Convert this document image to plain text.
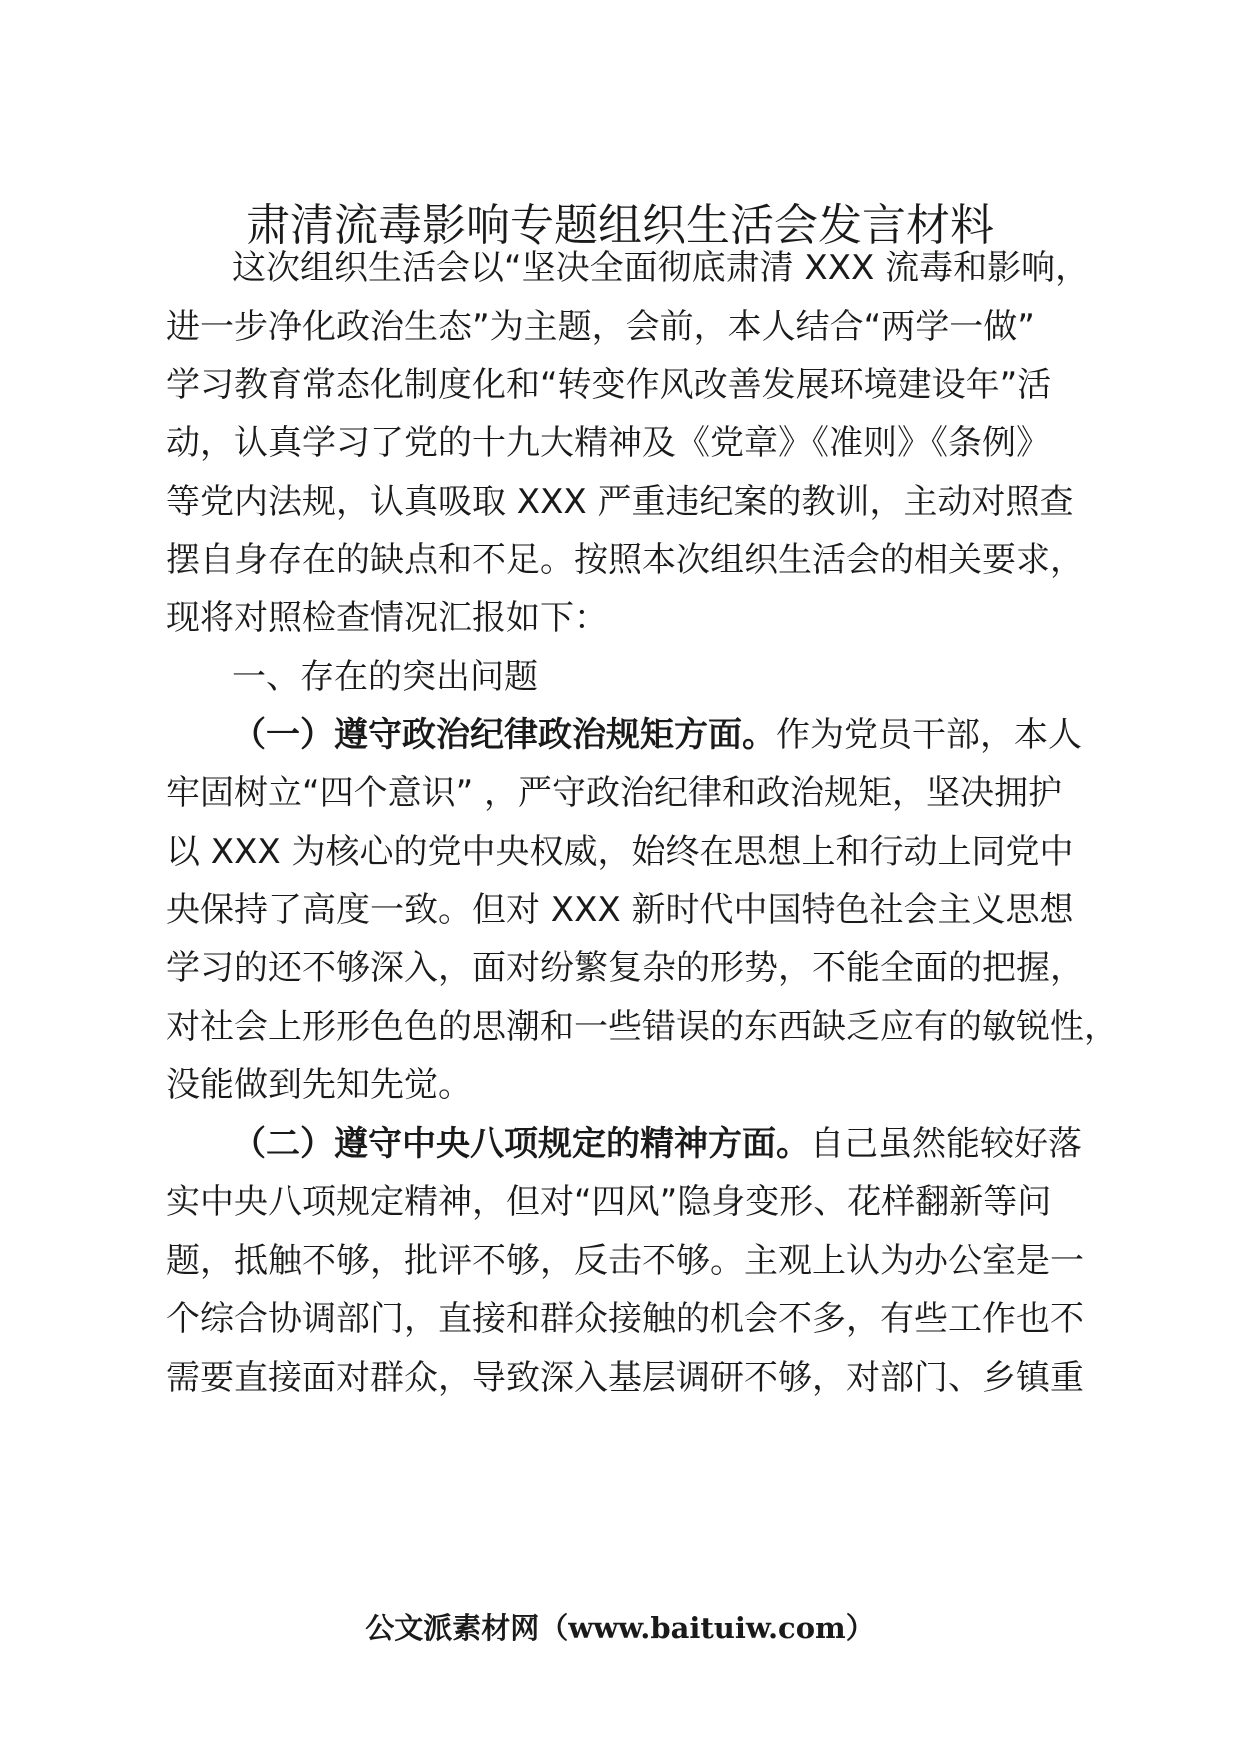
肃清流毒影响专题组织生活会发言材料

这次组织生活会以“坚决全面彻底肃清 XXX 流毒和影响，

进一步净化政治生态”为主题，会前，本人结合“两学一做”

学习教育常态化制度化和“转变作风改善发展环境建设年”活

动，认真学习了党的十九大精神及《党章》《准则》《条例》

等党内法规，认真吸取 XXX 严重违纪案的教训，主动对照查

摆自身存在的缺点和不足。按照本次组织生活会的相关要求，

现将对照检查情况汇报如下：

一、存在的突出问题

（一）遵守政治纪律政治规矩方面。作为党员干部，本人

牢固树立“四个意识” ，严守政治纪律和政治规矩，坚决拥护

以 XXX 为核心的党中央权威，始终在思想上和行动上同党中

央保持了高度一致。但对 XXX 新时代中国特色社会主义思想

学习的还不够深入，面对纷繁复杂的形势，不能全面的把握，

对社会上形形色色的思潮和一些错误的东西缺乏应有的敏锐性，

没能做到先知先觉。

（二）遵守中央八项规定的精神方面。自己虽然能较好落

实中央八项规定精神，但对“四风”隐身变形、花样翻新等问

题，抵触不够，批评不够，反击不够。主观上认为办公室是一

个综合协调部门，直接和群众接触的机会不多，有些工作也不

需要直接面对群众，导致深入基层调研不够，对部门、乡镇重

公文派素材网（www.baituiw.com）
